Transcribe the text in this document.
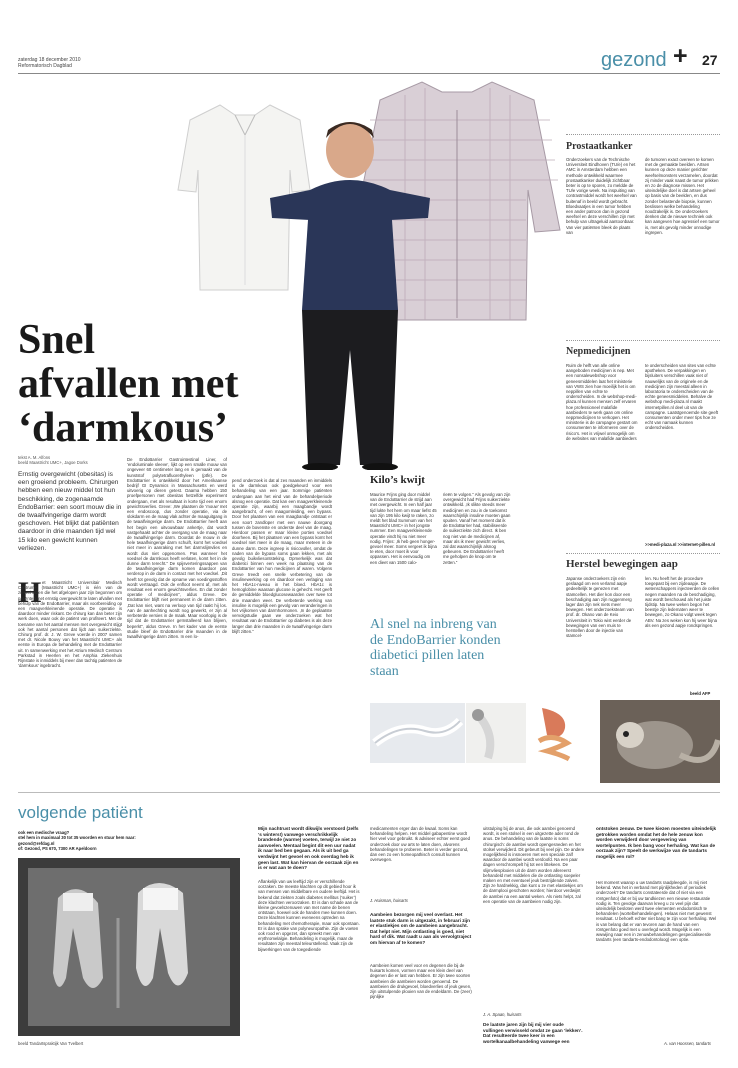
zaterdag 18 december 2010
Reformatorisch Dagblad	gezond + 27
Snel
afvallen met
‘darmkous’
tekst A. M. Alfons
beeld Maastricht UMC+, Jagoe Dorks
Ernstig overgewicht (obesitas) is een groeiend probleem. Chirurgen hebben een nieuw middel tot hun beschikking, de zogenaamde EndoBarrier: een soort mouw die in de twaalfvingerige darm wordt geschoven. Het blijkt dat patiënten daardoor in drie maanden tijd wel 15 kilo een gewicht kunnen verliezen.
H et Maastricht Universitair Medisch Centrum+ (Maastricht UMC+) is één van de ziekenhuizen die het afgelopen jaar zijn begonnen om patiënten met ernstig overgewicht te laten afvallen met behulp van de EndoBarrier, maar als voorbereiding op een maagverkleinende operatie. De operatie is daardoor minder riskant. De chirurg kan dan beter zijn werk doen, waar ook de patiënt van profiteert. Met de toename van het aantal mensen met overgewicht stijgt ook het aantal personen dat lijdt aan suikerziekte. Chirurg prof. dr. J. W. Greve voerde in 2007 samen met dr. Nicole Bouvy van het Maastricht UMC+ als eerste in Europa de behandeling met de EndoBarrier uit. In samenwerking met het Atrium Medisch Centrum Parkstad in Heerlen en het Amphia Ziekenhuis Rijnstate is inmiddels bij meer dan tachtig patiënten de ‘darmkous’ ingebracht.
De EndoBarrier Gastrointestinal Liner, of ‘endoluminale sleeve’, lijkt op een smalle mouw van ongeveer 60 centimeter lang en is gemaakt van de kunststof polytetrafluorethyleen (ptfe). De EndoBarrier is ontwikkeld door het Amerikaanse bedrijf GI Dynamics in Massachusetts en werd uitvoerig op dieren getest. Daarna hebben 150 proefpersonen met obesitas hetzelfde experiment ondergaan, met als resultaat in korte tijd een enorm gewichtsverlies. Greve: ‚We plaatsen de ‘mouw’ met een endoscoop, dus zonder operatie, via de slokdarm en de maag vlak achter de maaguitgang in de twaalfvingerige darm. De EndoBarrier heeft aan het begin een uitvouwbaar ankertje, dat wordt vastgehaakt achter de overgang van de maag naar de twaalfvingerige darm. Doordat de mouw in de hele twaalfvingerige darm schuift, komt het voedsel niet meer in aanraking met het darmslijmvlies en wordt dus niet opgenomen. Pas wanneer het voedsel de darmkous heeft verlaten, komt het in de dunne darm terecht.” De spijsverteringssappen van de twaalfvingerige darm komen daardoor pas verderop in de darm in contact met het voedsel. ‚Dit heeft tot gevolg dat de opname van voedingsstoffen wordt vertraagd. Ook de enfloot neemt af, met als resultaat een enorm gewichtsverlies. En dat zonder operatie of medicijnen”, aldus Greve. De EndoBarrier blijft niet permanent in de darm zitten. ‚Dat kan niet, want na verloop van tijd raakt hij los. Aan de aanhechting wordt nog gewerkt, er zijn al verbeterde versies in de maak. Maar voorlopig is de tijd dat de EndoBarrier geïnstalleerd kan blijven, beperkt”, aldus Greve. In het kader van de eerste studie bleef de EndoBarrier drie maanden in de twaalfvingerige darm zitten. In een lo-
pend onderzoek is dat al zes maanden en inmiddels is de darmkous ook goedgekeurd voor een behandeling van een jaar. Sommige patiënten ondergaan aan het eind van de behandelperiode alsnog een operatie. Dat kan een maagverkleinende operatie zijn, waarbij een maagbandje wordt aangebracht, of een maagomleiding, een bypass. Door het plaatsen van een maagbandje ontstaat er een soort zandloper met een nauwe doorgang tussen de bovenste en onderste deel van de maag. Hierdoor passen er maar kleine porties voedsel doorheen. Bij het plaatsen van een bypass komt het voedsel niet meer in de maag, maar meteen in de dunne darm. Deze ingreep is risicovoller, omdat de naden van de bypass soms gaan lekken, met als gevolg buikvliesontsteking. Opmerkelijk was dat diabetici binnen een week na plaatsing van de EndoBarrier van hun medicijnen af waren. Volgens Greve treedt een snelle verbetering van de insulinewerking op en daardoor een verlaging van het HbA1c-niveau in het bloed. HbA1c is hemoglobine waaraan glucose is gehecht. Het geeft de gemiddelde bloedglucosewaarden over twee tot drie maanden weer. De verbeterde werking van insuline is mogelijk een gevolg van veranderingen in het vrijkomen van darmhormonen. ‚In de geplaatste vervolgstudie gaan we onderzoeken wat het resultaat van de EndoBarrier op diabetes is als deze langer dan drie maanden in de twaalfvingerige darm blijft zitten.”
Kilo’s kwijt
Maurice Frijns ging door middel van de EndoBarrier de strijd aan met overgewicht. In een half jaar tijd lukte het hem om maar liefst 45 van zijn 195 kilo kwijt te raken, zo meldt het blad Summum van het Maastricht UMC+ in het jongste nummer. Een maagverkleinende operatie vindt hij nu niet meer nodig. Frijns: ‚Ik heb geen honger-gevoel meer. Soms vergeet ik bijna te eten, door moet ik voor oppassen. Het is eenvoudig om een dieet van 1500 calo-
rieën te volgen.” Als gevolg van zijn overgewicht had Frijns suikerziekte ontwikkeld. ‚Ik slikte steeds meer medicijnen en zou in de toekomst waarschijnlijk insuline moeten gaan spuiten. Vanaf het moment dat ik de EndoBarrier had, stabiliseerde de suikerziekte zich direct. Ik ben nog niet van de medicijnen af, maar als ik meer gewicht verlies, zal dat waarschijnlijk alsnog gebeuren. De EndoBarrier heeft me geholpen de knop om te zetten.”
Al snel na inbreng van de EndoBarrier konden diabetici pillen laten staan
Prostaatkanker
Onderzoekers van de Technische Universiteit Eindhoven (TU/e) en het AMC in Amsterdam hebben een methode ontwikkeld waarmee prostaatkanker duidelijk zichtbaar beter is op te sporen, zo meldde de TU/e vorige week. Na inspuiting van contrastmiddel wordt het weefsel van buitenaf in beeld wordt gebracht. Bloedvaatjes in een tumor hebben een ander patroon dan in gezond weefsel en deze verschillen zijn met behulp van ultrageluid aantoonbaar. Van vier patiënten bleek de plaats van
de tumoren exact overeen te komen met de gemaakte beelden. Artsen kunnen op deze manier gerichter weefselmonsters verzamelen, doordat zij minder vaak naast de tumor prikken en zo de diagnose missen. Het uiteindelijke doel is dat artsen geheel op basis van de beelden, en dus zonder belastende biopsie, kunnen beslissen welke behandeling noodzakelijk is. De onderzoekers denken dat de nieuwe techniek ook kan aangeven hoe agressief een tumor is, met als gevolg minder onnodige ingrepen.
Nepmedicijnen
Ruim de helft van alle online aangeboden medicijnen is nep. Met een nonsalewebshop voor geneesmiddelen laat het ministerie van VWS zien hoe moeilijk het is om neppillen van echte te onderscheiden. In de webshop-medi-plaza.nl kunnen mensen zelf ervaren hoe professioneel malafide aanbieders te werk gaan om online neppmedicijnen te verkopen. Het ministerie is de campagne gestart om consumenten te informeren over de risico’s. Het is vrijwel onmogelijk om de websites van malafide aanbieders
te onderscheiden van sites van echte apotheken. De verpakkingen en bijsluiters verschillen vaak niet of nauwelijks van de originele en de medicijnen zijn meestal alleen in laboratoria te onderscheiden van de echte geneesmiddelen. Behalve de webshop medi-plaza.nl maakt internetpillen.nl deel uit van de campagne. Laatstgenoemde site geeft consumenten onder meer tips hoe ze echt van namaak kunnen onderscheiden.
>>medi-plaza.nl >>internet-pillen.nl
Herstel bewegingen aap
Japanse onderzoekers zijn erin geslaagd om een verlamd aapje gedeeltelijk te genezen met stamcellen. Het dier kon door een beschadiging aan zijn ruggenmerg lager dan zijn nek niets meer bewegen. Het onderzoeksteam van prof. dr. Okano van de Keio Universiteit in Tokio wist eerder de bewegingen van een muis te herstellen door de injectie van stamcel-
len. Nu heeft het de procedure toegepast bij een zijdeaapje. De wetenschappers injecteerden de cellen negen maanden na de beschadiging, wat wordt beschouwd als het juiste tijdstip. Na twee weken begon het beestje zijn ledematen weer te bewegen, zo Okano volgt week tegen ABV. Na zes weken kon hij weer bijna als een gezond aapje rondspringen.
beeld AFP
volgende patiënt
ook een medische vraag?
stel hem in maximaal 30 tot 35 woorden en stuur hem naar:
gezond@refdag.nl
of: Gezond, PS 670, 7300 AR Apeldoorn
beeld Tandartspraktijk Van Tvelbert
Mijn nachtrust wordt dikwijls verstoord (zelfs ‘s winters!) vanwege verschrikkelijk brandende (warme) voeten, terwijl ze niet zo aanvoelen. Mentaal begint dit een uur nadat ik naar bed ben gegaan. Als ik uit bed ga verdwijnt het gevoel en ook overdag heb ik geen last. Wat kan hiervan de oorzaak zijn en is er wat aan te doen?
Aflankelijk van uw leeftijd zijn er verschillende oorzaken. De meeste klachten op dit gebied hoor ik van mensen van middelbare en oudere leeftijd. Het is bekend dat ziekten zoals diabetes mellitus (‘suiker’) deze klachten veroorzaken. Er is dan schade aan de kleine gevoelszenuwen van met name de benen ontstaan, hoewel ook de handen mee kunnen doen. Deze klachten kunnen eveneens optreden na behandeling met chemotherapie, maar ook spontaan. Er is dan sprake van polyneuropathie. Zijn de voeten ook rood en opgezet, dan spreekt men van erythromelalgie. Behandeling is mogelijk, maar de resultaten zijn meestal teleurstellend. Vaak zijn de bijwerkingen van de toegediende
medicamenten erger dan de kwaal. Soms kan behandeling helpen. Het middel gabapentine wordt hier veel voor gebruikt. Ik adviseer echter eerst goed onderzoek door uw arts te laten doen, alvorens behandelingen te proberen. Beter is verder gezond, dan een zo een homeopathisch consult kunnen overwegen.
J. Huisman, huisarts
Aambeien bezorgen mij veel overlast. Het laatste stuk darm is uitgezakt, in februari zijn er elastiekjes om de aambeien aangebracht. Dat helpt niet. Mijn ontlasting is goed, niet hard of dik. Wat raadt u aan als vervolgtraject om hiervan af te komen?
Aambeien komen veel voor en degenen die bij de huisarts komen, vormen maar een klein deel van degenen die er last van hebben. Er zijn twee soorten aambeien die aambeien worden genoemd. De aambeien die drukgevoel, bloedverlies of jeuk geven, zijn uitstulpende plooien van de endeldarm. De (zeer) pijnlijke
uitstulping bij de anus, die ook aambei genoemd wordt, is een stolsel in een uitgezette ader rond de anus. De behandeling van de laatste is soms chirurgisch: de aambei wordt opengesneden en het stolsel verwijderd. Dit gebeurt bij veel pijn. De andere mogelijkheid is insnoeren met een speciale zalf waardoor de aambei wordt verdoofd. Na een paar dagen verschrompelt hij tot een littekeen. De slijmvliesplooien uit de darm worden allereerst behandeld met middelen die de ontlasting soepeler maken en met eventueel jeuk bestrijdende zalven. Zijn ze hardnekkig, dan kunt u ze met elastiekjes om de darmplooi geschoten worden; hierdoor verdwijnt de aambei na een aantal weken. Als niets helpt, zal een operatie van de aambeien nodig zijn.
J. A. Spaan, huisarts
De laatste jaren zijn bij mij vier oude vullingen verwisseld omdat ze gaan ‘lekken’. Dat resulteerde twee keer in een wortelkanaalbehandeling vanwege een
ontstoken zenuw. De twee kiezen moesten uiteindelijk getrokken worden omdat het de hele zenuw kon worden verwijderd door vergevering van wortelpunten. Ik ben bang voor herhaling. Wat kan de oorzaak zijn? Speelt de werkwijze van de tandarts mogelijk een rol?
Het moment waarop u uw tandarts raadpleegde, is mij niet bekend. Was het in verband met pijnlijkheden of periodiek onderzoek? De tandarts constateerde dat of niet via een röntgenfoto) dat er bij uw tandkiezen een nieuwe restauratie nodig is. Ten gevolge daarvan kreeg u zo veel pijn dat uiteindelijk besloten werd twee elementen endodontisch te behandelen (wortelbehandelingen). Helaas niet met gewenst resultaat. U behoeft echter niet bang te zijn voor herhaling. Wel is van belang dat er van tevoren aan de hand van een röntgenfoto goed met u overlegd wordt. Mogelijk is een wwwijing naar een in zenuwbehandelingen gespecialiseerde tandarts (een tandarts-endodontoloog) een optie.
A. van Hoossen, tandarts
